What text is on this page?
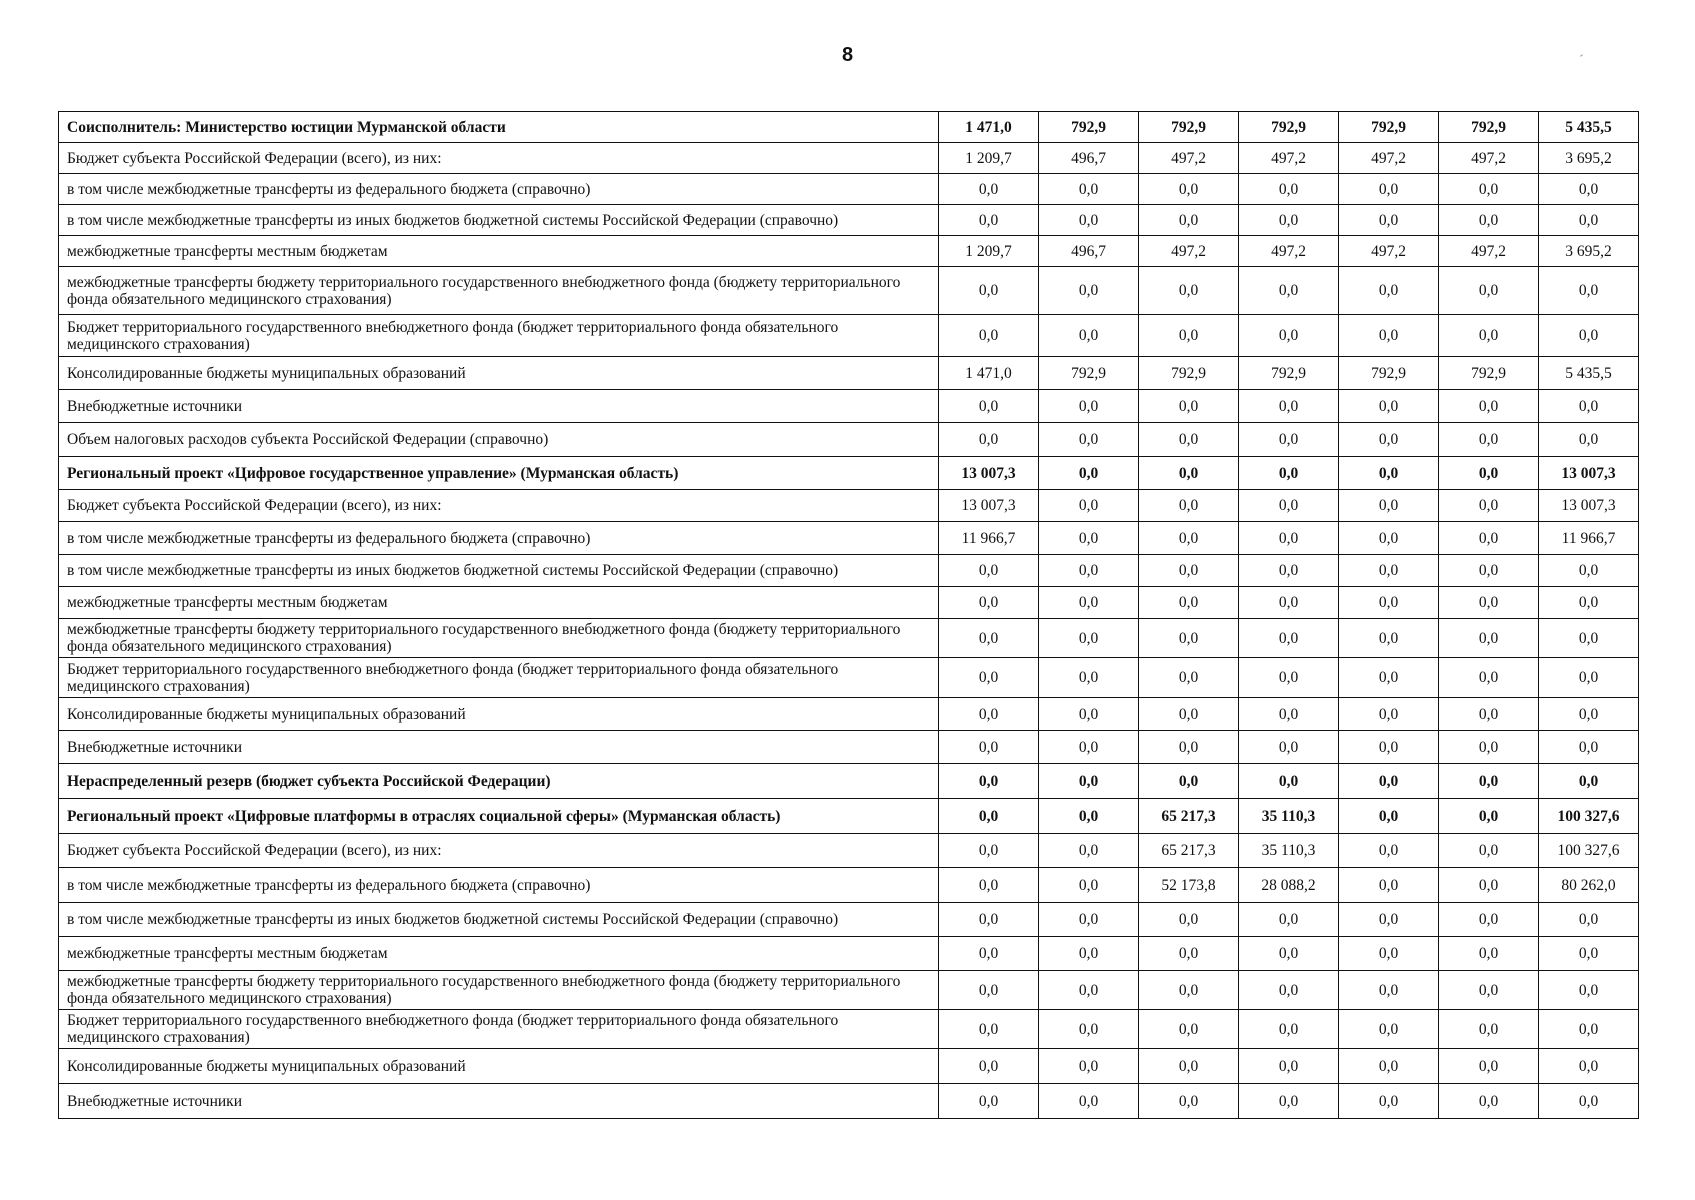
8
Соисполнитель: Министерство юстиции Мурманской области	1 471,0	792,9	792,9	792,9	792,9	792,9	5 435,5
Бюджет субъекта Российской Федерации (всего), из них:	1 209,7	496,7	497,2	497,2	497,2	497,2	3 695,2
в том числе межбюджетные трансферты из федерального бюджета (справочно)	0,0	0,0	0,0	0,0	0,0	0,0	0,0
в том числе межбюджетные трансферты из иных бюджетов бюджетной системы Российской Федерации (справочно)	0,0	0,0	0,0	0,0	0,0	0,0	0,0
межбюджетные трансферты местным бюджетам	1 209,7	496,7	497,2	497,2	497,2	497,2	3 695,2
межбюджетные трансферты бюджету территориального государственного внебюджетного фонда (бюджету территориального фонда обязательного медицинского страхования)	0,0	0,0	0,0	0,0	0,0	0,0	0,0
Бюджет территориального государственного внебюджетного фонда (бюджет территориального фонда обязательного медицинского страхования)	0,0	0,0	0,0	0,0	0,0	0,0	0,0
Консолидированные бюджеты муниципальных образований	1 471,0	792,9	792,9	792,9	792,9	792,9	5 435,5
Внебюджетные источники	0,0	0,0	0,0	0,0	0,0	0,0	0,0
Объем налоговых расходов субъекта Российской Федерации (справочно)	0,0	0,0	0,0	0,0	0,0	0,0	0,0
Региональный проект «Цифровое государственное управление» (Мурманская область)	13 007,3	0,0	0,0	0,0	0,0	0,0	13 007,3
Бюджет субъекта Российской Федерации (всего), из них:	13 007,3	0,0	0,0	0,0	0,0	0,0	13 007,3
в том числе межбюджетные трансферты из федерального бюджета (справочно)	11 966,7	0,0	0,0	0,0	0,0	0,0	11 966,7
в том числе межбюджетные трансферты из иных бюджетов бюджетной системы Российской Федерации (справочно)	0,0	0,0	0,0	0,0	0,0	0,0	0,0
межбюджетные трансферты местным бюджетам	0,0	0,0	0,0	0,0	0,0	0,0	0,0
межбюджетные трансферты бюджету территориального государственного внебюджетного фонда (бюджету территориального фонда обязательного медицинского страхования)	0,0	0,0	0,0	0,0	0,0	0,0	0,0
Бюджет территориального государственного внебюджетного фонда (бюджет территориального фонда обязательного медицинского страхования)	0,0	0,0	0,0	0,0	0,0	0,0	0,0
Консолидированные бюджеты муниципальных образований	0,0	0,0	0,0	0,0	0,0	0,0	0,0
Внебюджетные источники	0,0	0,0	0,0	0,0	0,0	0,0	0,0
Нераспределенный резерв (бюджет субъекта Российской Федерации)	0,0	0,0	0,0	0,0	0,0	0,0	0,0
Региональный проект «Цифровые платформы в отраслях социальной сферы» (Мурманская область)	0,0	0,0	65 217,3	35 110,3	0,0	0,0	100 327,6
Бюджет субъекта Российской Федерации (всего), из них:	0,0	0,0	65 217,3	35 110,3	0,0	0,0	100 327,6
в том числе межбюджетные трансферты из федерального бюджета (справочно)	0,0	0,0	52 173,8	28 088,2	0,0	0,0	80 262,0
в том числе межбюджетные трансферты из иных бюджетов бюджетной системы Российской Федерации (справочно)	0,0	0,0	0,0	0,0	0,0	0,0	0,0
межбюджетные трансферты местным бюджетам	0,0	0,0	0,0	0,0	0,0	0,0	0,0
межбюджетные трансферты бюджету территориального государственного внебюджетного фонда (бюджету территориального фонда обязательного медицинского страхования)	0,0	0,0	0,0	0,0	0,0	0,0	0,0
Бюджет территориального государственного внебюджетного фонда (бюджет территориального фонда обязательного медицинского страхования)	0,0	0,0	0,0	0,0	0,0	0,0	0,0
Консолидированные бюджеты муниципальных образований	0,0	0,0	0,0	0,0	0,0	0,0	0,0
Внебюджетные источники	0,0	0,0	0,0	0,0	0,0	0,0	0,0
